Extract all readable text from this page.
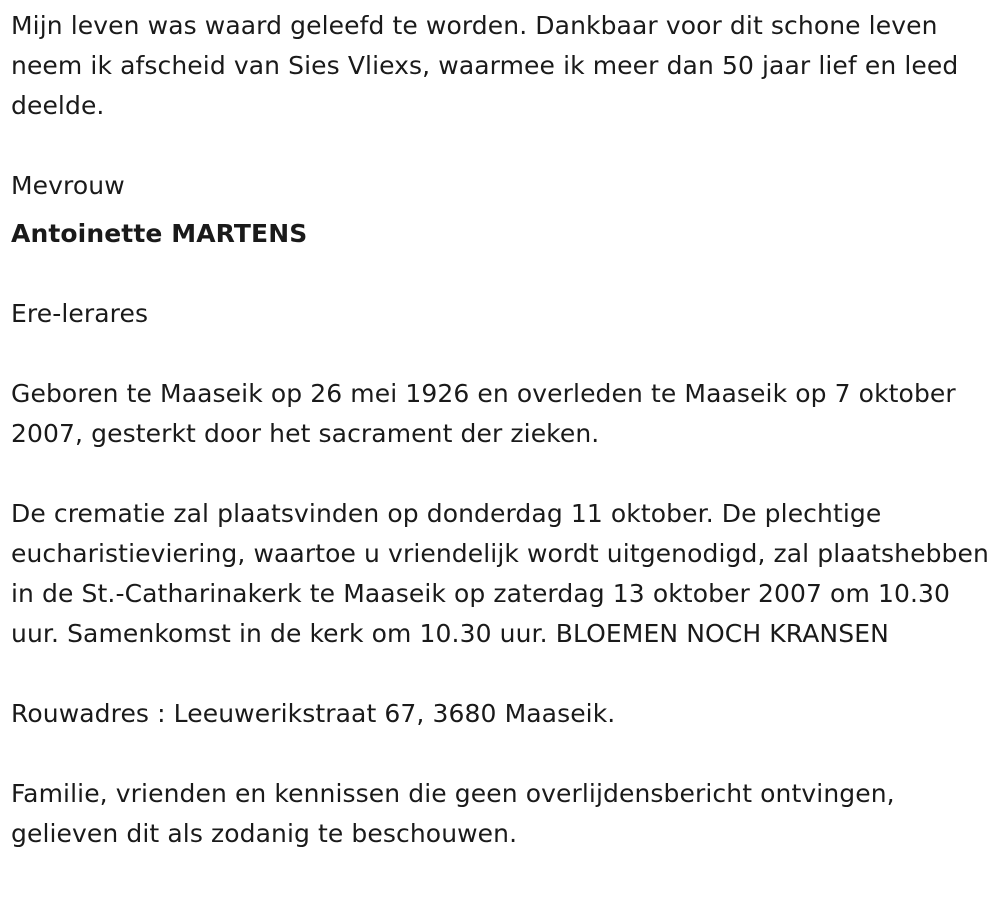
Mijn leven was waard geleefd te worden. Dankbaar voor dit schone leven neem ik afscheid van Sies Vliexs, waarmee ik meer dan 50 jaar lief en leed deelde.

Mevrouw

Antoinette MARTENS

Ere-lerares

Geboren te Maaseik op 26 mei 1926 en overleden te Maaseik op 7 oktober 2007, gesterkt door het sacrament der zieken.

De crematie zal plaatsvinden op donderdag 11 oktober. De plechtige eucharistieviering, waartoe u vriendelijk wordt uitgenodigd, zal plaatshebben in de St.-Catharinakerk te Maaseik op zaterdag 13 oktober 2007 om 10.30 uur. Samenkomst in de kerk om 10.30 uur. BLOEMEN NOCH KRANSEN

Rouwadres : Leeuwerikstraat 67, 3680 Maaseik.

Familie, vrienden en kennissen die geen overlijdensbericht ontvingen, gelieven dit als zodanig te beschouwen.
